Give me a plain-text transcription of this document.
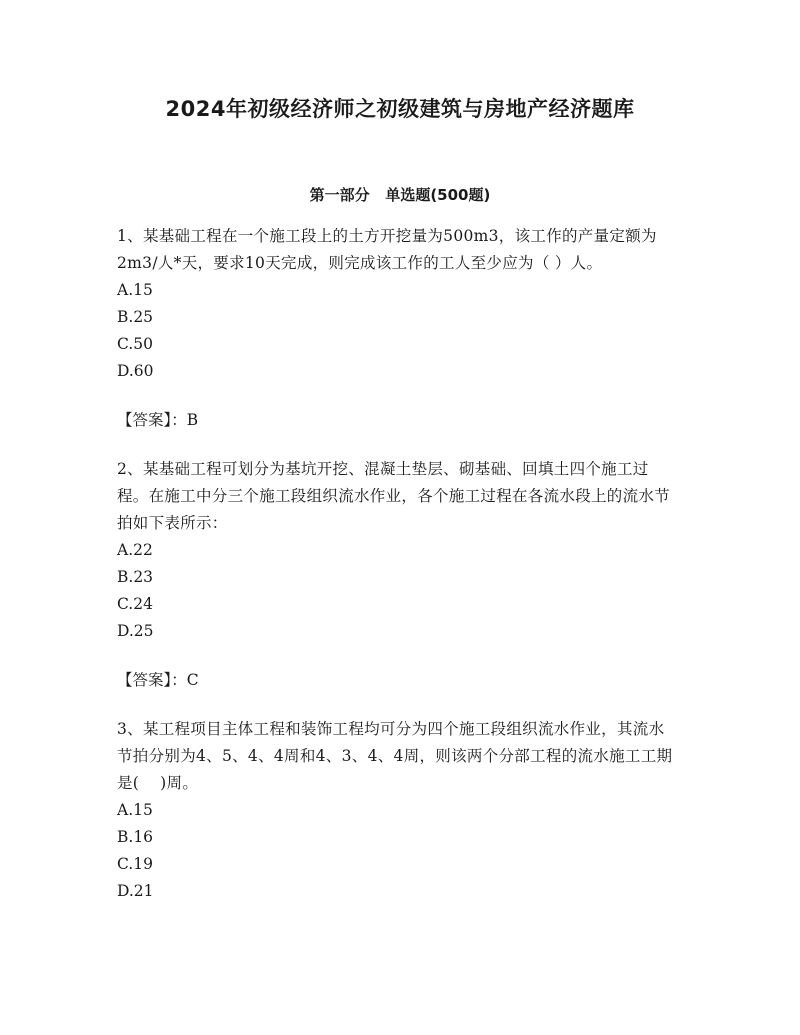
2024年初级经济师之初级建筑与房地产经济题库
第一部分 单选题(500题)

1、某基础工程在一个施工段上的土方开挖量为500m3，该工作的产量定额为2m3/人*天，要求10天完成，则完成该工作的工人至少应为（ ）人。

A.15

B.25

C.50

D.60

【答案】：B

2、某基础工程可划分为基坑开挖、混凝土垫层、砌基础、回填土四个施工过程。在施工中分三个施工段组织流水作业，各个施工过程在各流水段上的流水节拍如下表所示：

A.22

B.23

C.24

D.25

【答案】：C

3、某工程项目主体工程和装饰工程均可分为四个施工段组织流水作业，其流水节拍分别为4、5、4、4周和4、3、4、4周，则该两个分部工程的流水施工工期是(　 )周。

A.15

B.16

C.19

D.21
